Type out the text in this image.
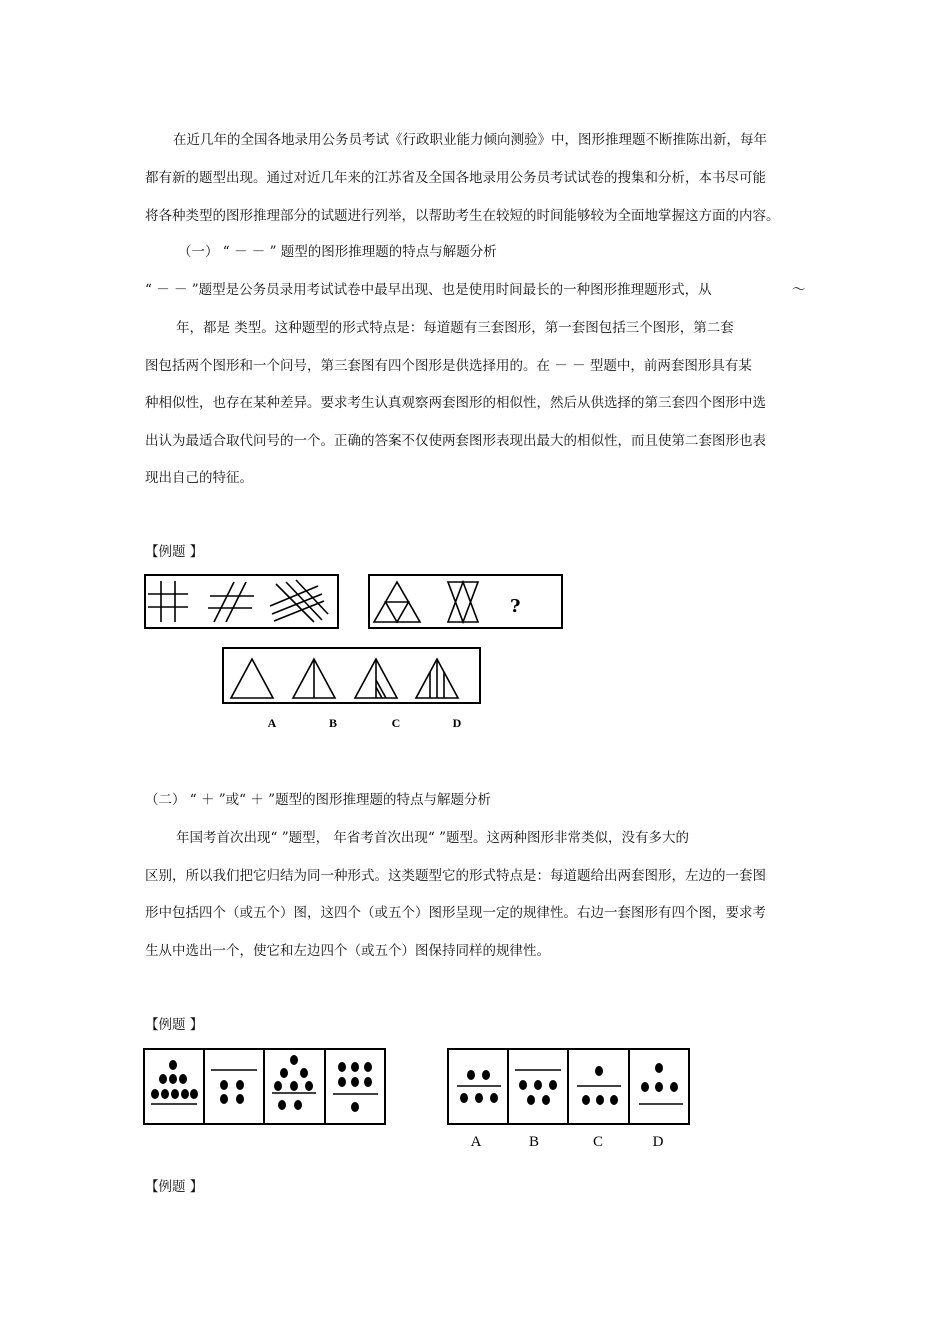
在近几年的全国各地录用公务员考试《行政职业能力倾向测验》中，图形推理题不断推陈出新，每年
都有新的题型出现。通过对近几年来的江苏省及全国各地录用公务员考试试卷的搜集和分析，本书尽可能
将各种类型的图形推理部分的试题进行列举，以帮助考生在较短的时间能够较为全面地掌握这方面的内容。
（一） “ － － ” 题型的图形推理题的特点与解题分析
“ － － ”题型是公务员录用考试试卷中最早出现、也是使用时间最长的一种图形推理题形式，从	～
年，都是 类型。这种题型的形式特点是：每道题有三套图形，第一套图包括三个图形，第二套
图包括两个图形和一个问号，第三套图有四个图形是供选择用的。在 － － 型题中，前两套图形具有某
种相似性，也存在某种差异。要求考生认真观察两套图形的相似性，然后从供选择的第三套四个图形中选
出认为最适合取代问号的一个。正确的答案不仅使两套图形表现出最大的相似性，而且使第二套图形也表
现出自己的特征。
【例题 】
?
A	B	C	D
（二） “ ＋ ”或“ ＋ ”题型的图形推理题的特点与解题分析
年国考首次出现“ ”题型， 年省考首次出现“ ”题型。这两种图形非常类似，没有多大的
区别，所以我们把它归结为同一种形式。这类题型它的形式特点是：每道题给出两套图形，左边的一套图
形中包括四个（或五个）图，这四个（或五个）图形呈现一定的规律性。右边一套图形有四个图，要求考
生从中选出一个，使它和左边四个（或五个）图保持同样的规律性。
【例题 】
A	B	C	D
【例题 】
